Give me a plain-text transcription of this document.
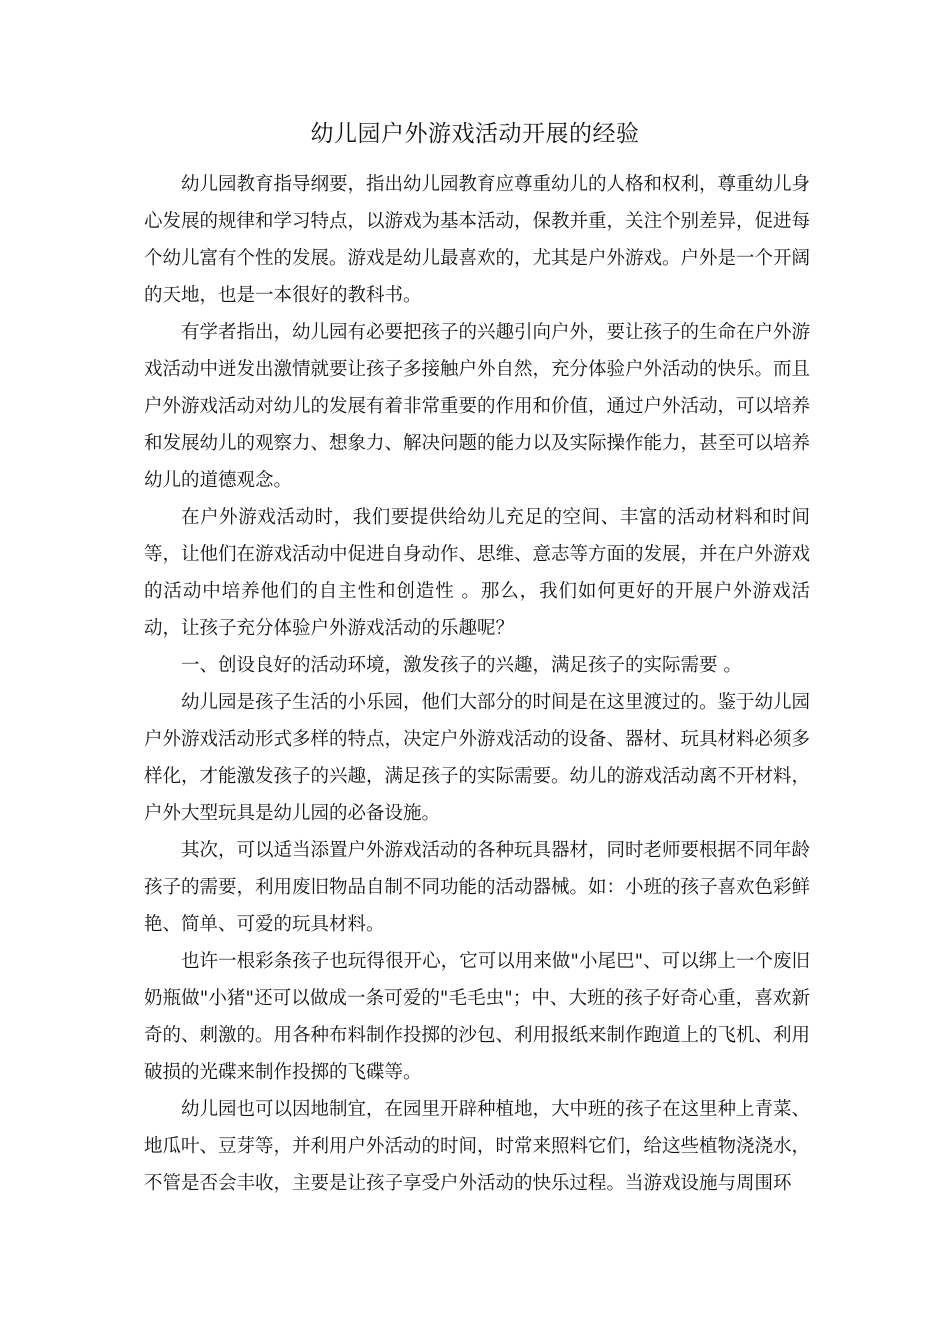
幼儿园户外游戏活动开展的经验

幼儿园教育指导纲要，指出幼儿园教育应尊重幼儿的人格和权利，尊重幼儿身心发展的规律和学习特点，以游戏为基本活动，保教并重，关注个别差异，促进每个幼儿富有个性的发展。游戏是幼儿最喜欢的，尤其是户外游戏。户外是一个开阔的天地，也是一本很好的教科书。

有学者指出，幼儿园有必要把孩子的兴趣引向户外，要让孩子的生命在户外游戏活动中迸发出激情就要让孩子多接触户外自然，充分体验户外活动的快乐。而且户外游戏活动对幼儿的发展有着非常重要的作用和价值，通过户外活动，可以培养和发展幼儿的观察力、想象力、解决问题的能力以及实际操作能力，甚至可以培养幼儿的道德观念。

在户外游戏活动时，我们要提供给幼儿充足的空间、丰富的活动材料和时间等，让他们在游戏活动中促进自身动作、思维、意志等方面的发展，并在户外游戏的活动中培养他们的自主性和创造性 。那么，我们如何更好的开展户外游戏活动，让孩子充分体验户外游戏活动的乐趣呢？

一、创设良好的活动环境，激发孩子的兴趣，满足孩子的实际需要 。

幼儿园是孩子生活的小乐园，他们大部分的时间是在这里渡过的。鉴于幼儿园户外游戏活动形式多样的特点，决定户外游戏活动的设备、器材、玩具材料必须多样化，才能激发孩子的兴趣，满足孩子的实际需要。幼儿的游戏活动离不开材料，户外大型玩具是幼儿园的必备设施。

其次，可以适当添置户外游戏活动的各种玩具器材，同时老师要根据不同年龄孩子的需要，利用废旧物品自制不同功能的活动器械。如：小班的孩子喜欢色彩鲜艳、简单、可爱的玩具材料。

也许一根彩条孩子也玩得很开心，它可以用来做"小尾巴"、可以绑上一个废旧奶瓶做"小猪"还可以做成一条可爱的"毛毛虫"；中、大班的孩子好奇心重，喜欢新奇的、刺激的。用各种布料制作投掷的沙包、利用报纸来制作跑道上的飞机、利用破损的光碟来制作投掷的飞碟等。

幼儿园也可以因地制宜，在园里开辟种植地，大中班的孩子在这里种上青菜、地瓜叶、豆芽等，并利用户外活动的时间，时常来照料它们，给这些植物浇浇水，不管是否会丰收，主要是让孩子享受户外活动的快乐过程。当游戏设施与周围环
